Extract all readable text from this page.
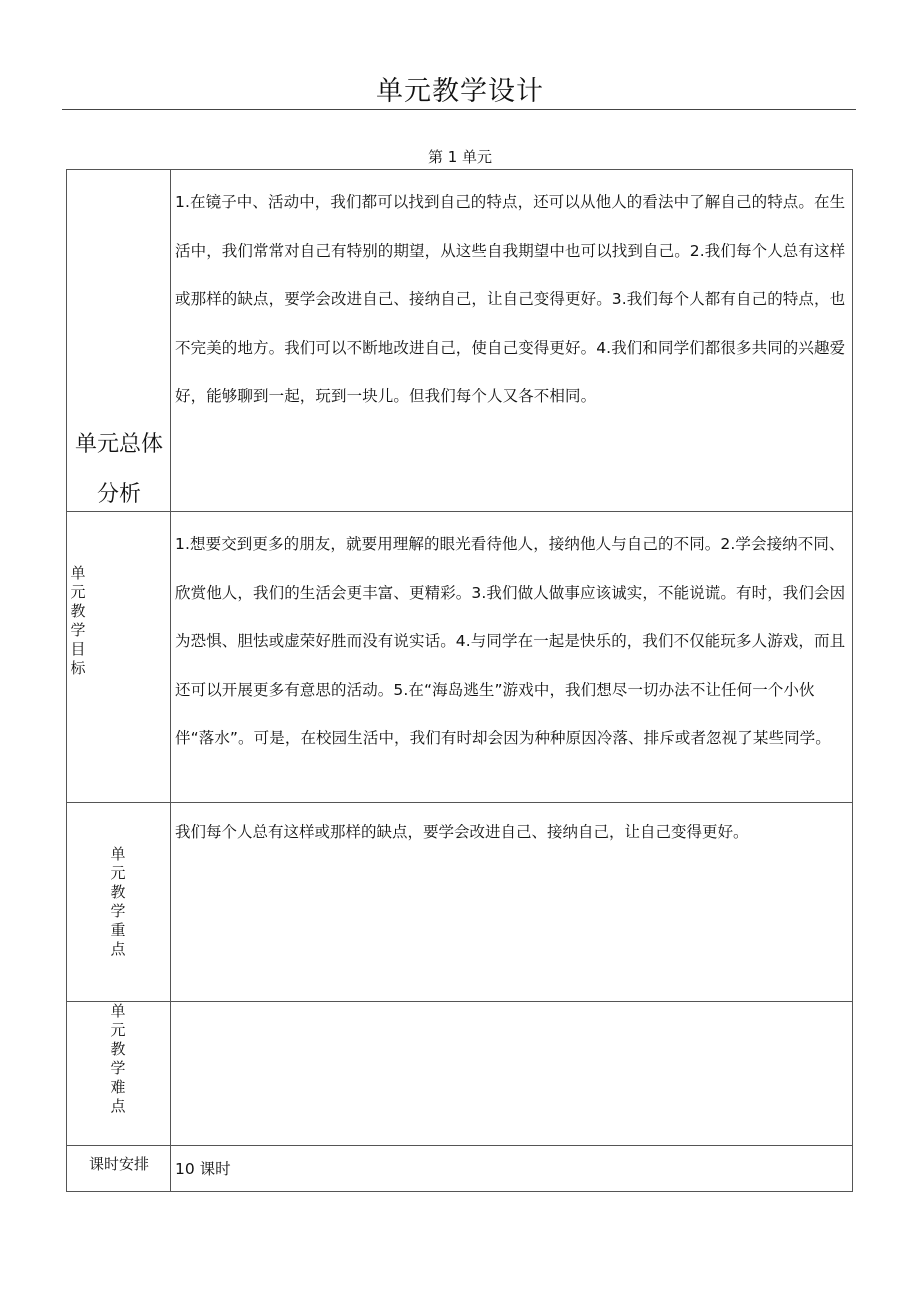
单元教学设计
第 1 单元
单元总体
分析	1.在镜子中、活动中，我们都可以找到自己的特点，还可以从他人的看法中了解自己的特点。在生活中，我们常常对自己有特别的期望，从这些自我期望中也可以找到自己。2.我们每个人总有这样或那样的缺点，要学会改进自己、接纳自己，让自己变得更好。3.我们每个人都有自己的特点，也不完美的地方。我们可以不断地改进自己，使自己变得更好。4.我们和同学们都很多共同的兴趣爱好，能够聊到一起，玩到一块儿。但我们每个人又各不相同。

单元教学目标	1.想要交到更多的朋友，就要用理解的眼光看待他人，接纳他人与自己的不同。2.学会接纳不同、欣赏他人，我们的生活会更丰富、更精彩。3.我们做人做事应该诚实，不能说谎。有时，我们会因为恐惧、胆怯或虚荣好胜而没有说实话。4.与同学在一起是快乐的，我们不仅能玩多人游戏，而且还可以开展更多有意思的活动。5.在“海岛逃生”游戏中，我们想尽一切办法不让任何一个小伙伴“落水”。可是，在校园生活中，我们有时却会因为种种原因冷落、排斥或者忽视了某些同学。

单元教学重点	我们每个人总有这样或那样的缺点，要学会改进自己、接纳自己，让自己变得更好。

单元教学难点	

课时安排	10 课时
